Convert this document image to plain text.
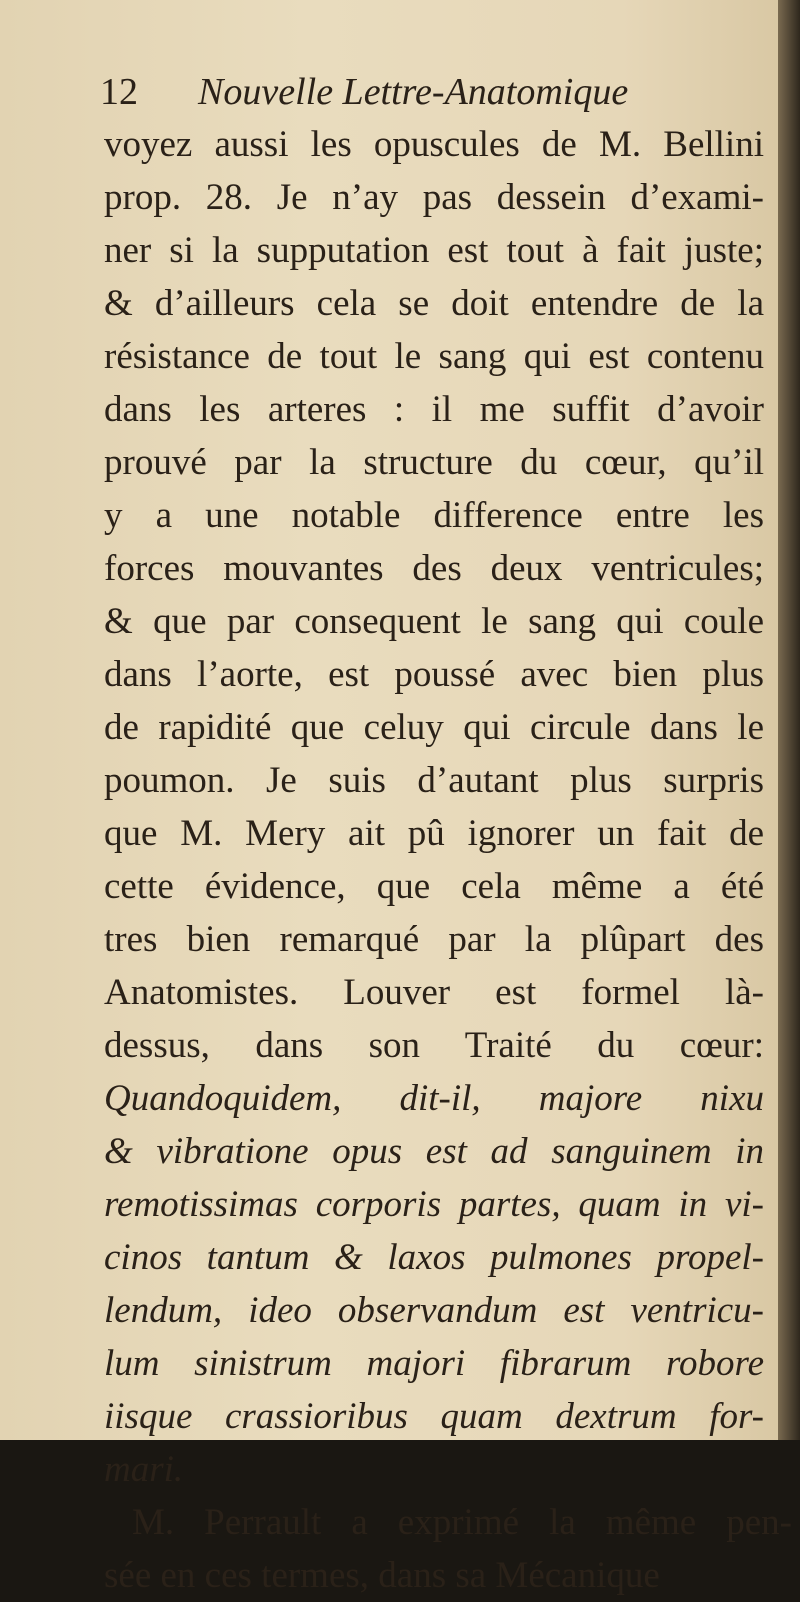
12 Nouvelle Lettre-Anatomique
voyez aussi les opuscules de M. Bellini
prop. 28. Je n’ay pas dessein d’exami-
ner si la supputation est tout à fait juste;
& d’ailleurs cela se doit entendre de la
résistance de tout le sang qui est contenu
dans les arteres : il me suffit d’avoir
prouvé par la structure du cœur, qu’il
y a une notable difference entre les
forces mouvantes des deux ventricules;
& que par consequent le sang qui coule
dans l’aorte, est poussé avec bien plus
de rapidité que celuy qui circule dans le
poumon. Je suis d’autant plus surpris
que M. Mery ait pû ignorer un fait de
cette évidence, que cela même a été
tres bien remarqué par la plûpart des
Anatomistes. Louver est formel là-
dessus, dans son Traité du cœur:
Quandoquidem, dit-il, majore nixu
& vibratione opus est ad sanguinem in
remotissimas corporis partes, quam in vi-
cinos tantum & laxos pulmones propel-
lendum, ideo observandum est ventricu-
lum sinistrum majori fibrarum robore
iisque crassioribus quam dextrum for-
mari.
M. Perrault a exprimé la même pen-
sée en ces termes, dans sa Mécanique
